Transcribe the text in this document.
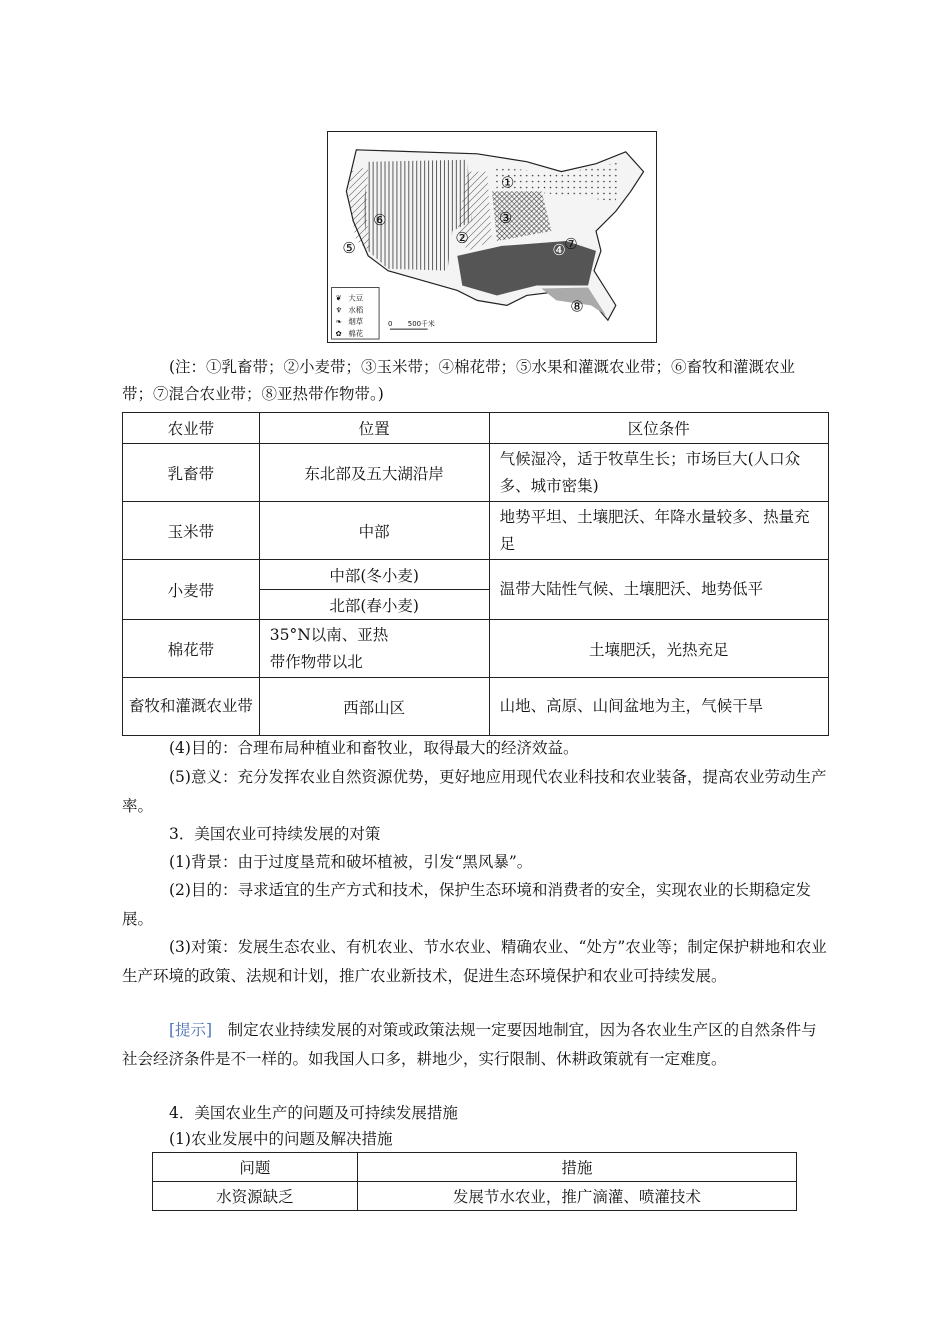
①
②
③
④
⑤
⑥
⑦
⑧
❦ 大豆
♆ 水稻
❧ 烟草
✿ 棉花
0 500千米
(注：①乳畜带；②小麦带；③玉米带；④棉花带；⑤水果和灌溉农业带；⑥畜牧和灌溉农业带；⑦混合农业带；⑧亚热带作物带。)
农业带	位置	区位条件
乳畜带	东北部及五大湖沿岸	气候湿冷，适于牧草生长；市场巨大(人口众多、城市密集)
玉米带	中部	地势平坦、土壤肥沃、年降水量较多、热量充足
小麦带	中部(冬小麦)	温带大陆性气候、土壤肥沃、地势低平
	北部(春小麦)	
棉花带	35°N以南、亚热带作物带以北	土壤肥沃，光热充足
畜牧和灌溉农业带	西部山区	山地、高原、山间盆地为主，气候干旱

(4)目的：合理布局种植业和畜牧业，取得最大的经济效益。

(5)意义：充分发挥农业自然资源优势，更好地应用现代农业科技和农业装备，提高农业劳动生产率。

3．美国农业可持续发展的对策

(1)背景：由于过度垦荒和破坏植被，引发“黑风暴”。

(2)目的：寻求适宜的生产方式和技术，保护生态环境和消费者的安全，实现农业的长期稳定发展。

(3)对策：发展生态农业、有机农业、节水农业、精确农业、“处方”农业等；制定保护耕地和农业生产环境的政策、法规和计划，推广农业新技术，促进生态环境保护和农业可持续发展。

[提示]　 制定农业持续发展的对策或政策法规一定要因地制宜，因为各农业生产区的自然条件与社会经济条件是不一样的。如我国人口多，耕地少，实行限制、休耕政策就有一定难度。

4．美国农业生产的问题及可持续发展措施

(1)农业发展中的问题及解决措施

问题	措施
水资源缺乏	发展节水农业，推广滴灌、喷灌技术
